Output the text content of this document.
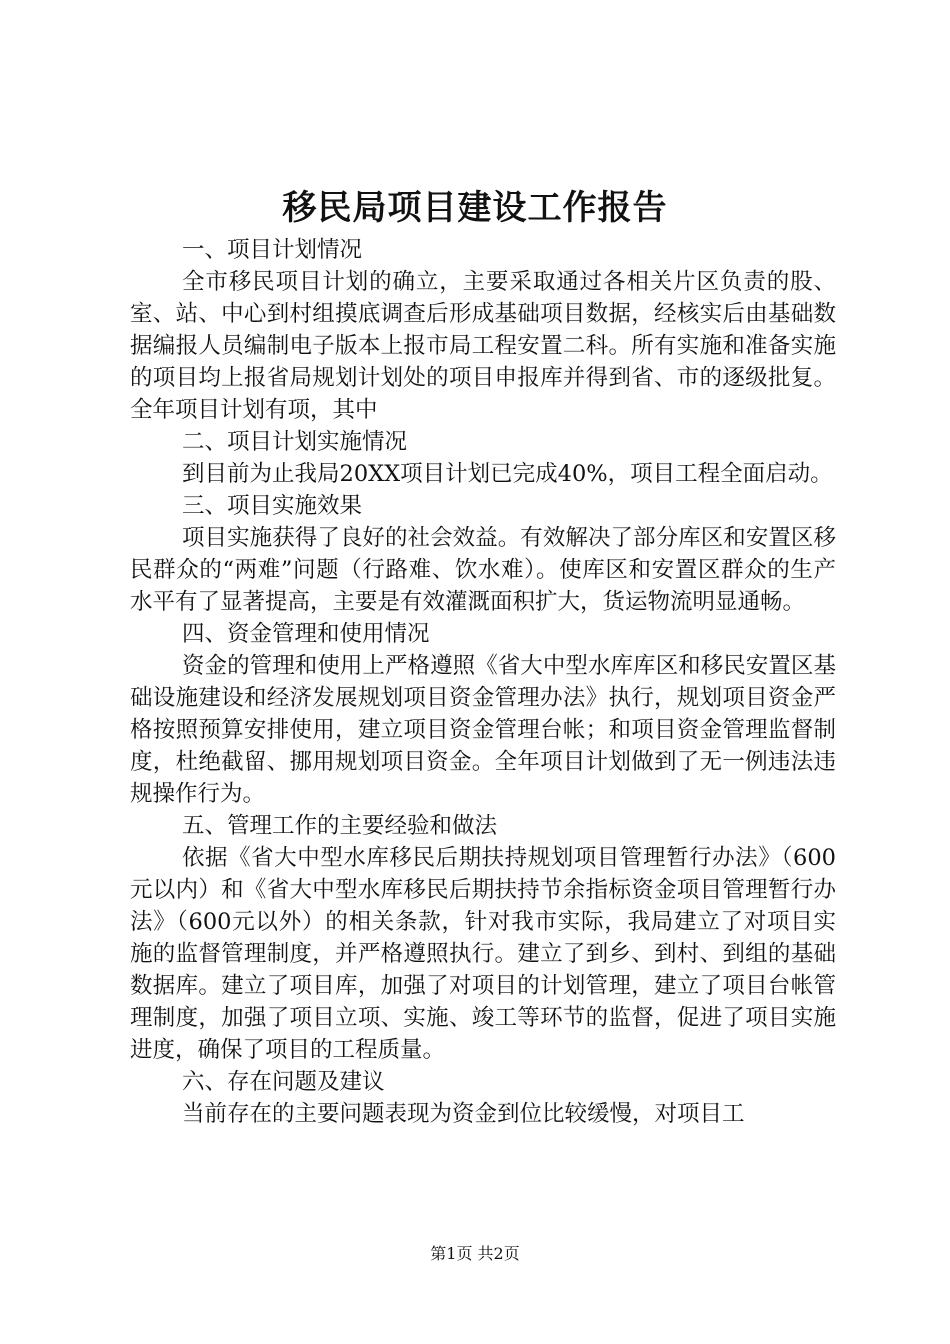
移民局项目建设工作报告

一、项目计划情况

全市移民项目计划的确立，主要采取通过各相关片区负责的股、室、站、中心到村组摸底调查后形成基础项目数据，经核实后由基础数据编报人员编制电子版本上报市局工程安置二科。所有实施和准备实施的项目均上报省局规划计划处的项目申报库并得到省、市的逐级批复。全年项目计划有项，其中

二、项目计划实施情况

到目前为止我局20XX项目计划已完成40%，项目工程全面启动。

三、项目实施效果

项目实施获得了良好的社会效益。有效解决了部分库区和安置区移民群众的“两难”问题（行路难、饮水难）。使库区和安置区群众的生产水平有了显著提高，主要是有效灌溉面积扩大，货运物流明显通畅。

四、资金管理和使用情况

资金的管理和使用上严格遵照《省大中型水库库区和移民安置区基础设施建设和经济发展规划项目资金管理办法》执行，规划项目资金严格按照预算安排使用，建立项目资金管理台帐；和项目资金管理监督制度，杜绝截留、挪用规划项目资金。全年项目计划做到了无一例违法违规操作行为。

五、管理工作的主要经验和做法

依据《省大中型水库移民后期扶持规划项目管理暂行办法》（600元以内）和《省大中型水库移民后期扶持节余指标资金项目管理暂行办法》（600元以外）的相关条款，针对我市实际，我局建立了对项目实施的监督管理制度，并严格遵照执行。建立了到乡、到村、到组的基础数据库。建立了项目库，加强了对项目的计划管理，建立了项目台帐管理制度，加强了项目立项、实施、竣工等环节的监督，促进了项目实施进度，确保了项目的工程质量。

六、存在问题及建议

当前存在的主要问题表现为资金到位比较缓慢，对项目工

第1页 共2页
